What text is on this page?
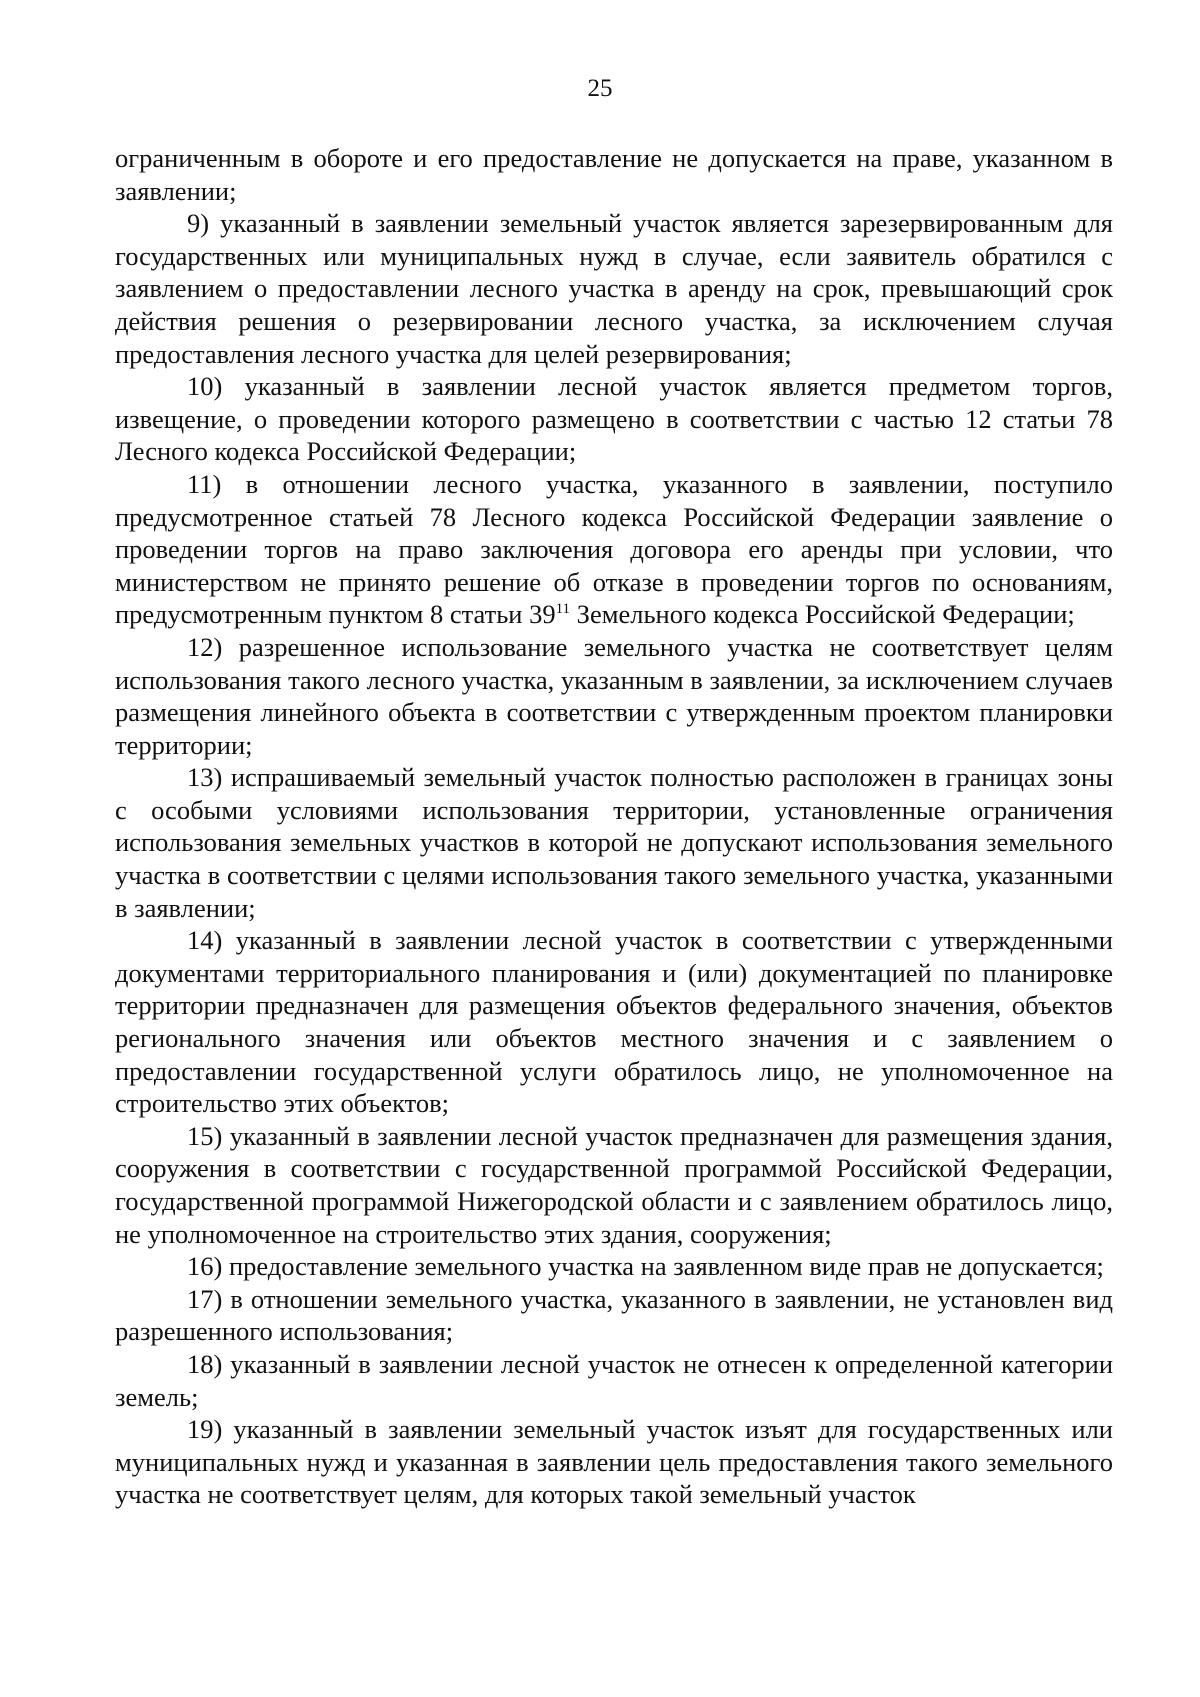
25

ограниченным в обороте и его предоставление не допускается на праве, указанном в заявлении;

9) указанный в заявлении земельный участок является зарезервированным для государственных или муниципальных нужд в случае, если заявитель обратился с заявлением о предоставлении лесного участка в аренду на срок, превышающий срок действия решения о резервировании лесного участка, за исключением случая предоставления лесного участка для целей резервирования;

10) указанный в заявлении лесной участок является предметом торгов, извещение, о проведении которого размещено в соответствии с частью 12 статьи 78 Лесного кодекса Российской Федерации;

11) в отношении лесного участка, указанного в заявлении, поступило предусмотренное статьей 78 Лесного кодекса Российской Федерации заявление о проведении торгов на право заключения договора его аренды при условии, что министерством не принято решение об отказе в проведении торгов по основаниям, предусмотренным пунктом 8 статьи $39^{11}$ Земельного кодекса Российской Федерации;

12) разрешенное использование земельного участка не соответствует целям использования такого лесного участка, указанным в заявлении, за исключением случаев размещения линейного объекта в соответствии с утвержденным проектом планировки территории;

13) испрашиваемый земельный участок полностью расположен в границах зоны с особыми условиями использования территории, установленные ограничения использования земельных участков в которой не допускают использования земельного участка в соответствии с целями использования такого земельного участка, указанными в заявлении;

14) указанный в заявлении лесной участок в соответствии с утвержденными документами территориального планирования и (или) документацией по планировке территории предназначен для размещения объектов федерального значения, объектов регионального значения или объектов местного значения и с заявлением о предоставлении государственной услуги обратилось лицо, не уполномоченное на строительство этих объектов;

15) указанный в заявлении лесной участок предназначен для размещения здания, сооружения в соответствии с государственной программой Российской Федерации, государственной программой Нижегородской области и с заявлением обратилось лицо, не уполномоченное на строительство этих здания, сооружения;

16) предоставление земельного участка на заявленном виде прав не допускается;

17) в отношении земельного участка, указанного в заявлении, не установлен вид разрешенного использования;

18) указанный в заявлении лесной участок не отнесен к определенной категории земель;

19) указанный в заявлении земельный участок изъят для государственных или муниципальных нужд и указанная в заявлении цель предоставления такого земельного участка не соответствует целям, для которых такой земельный участок
